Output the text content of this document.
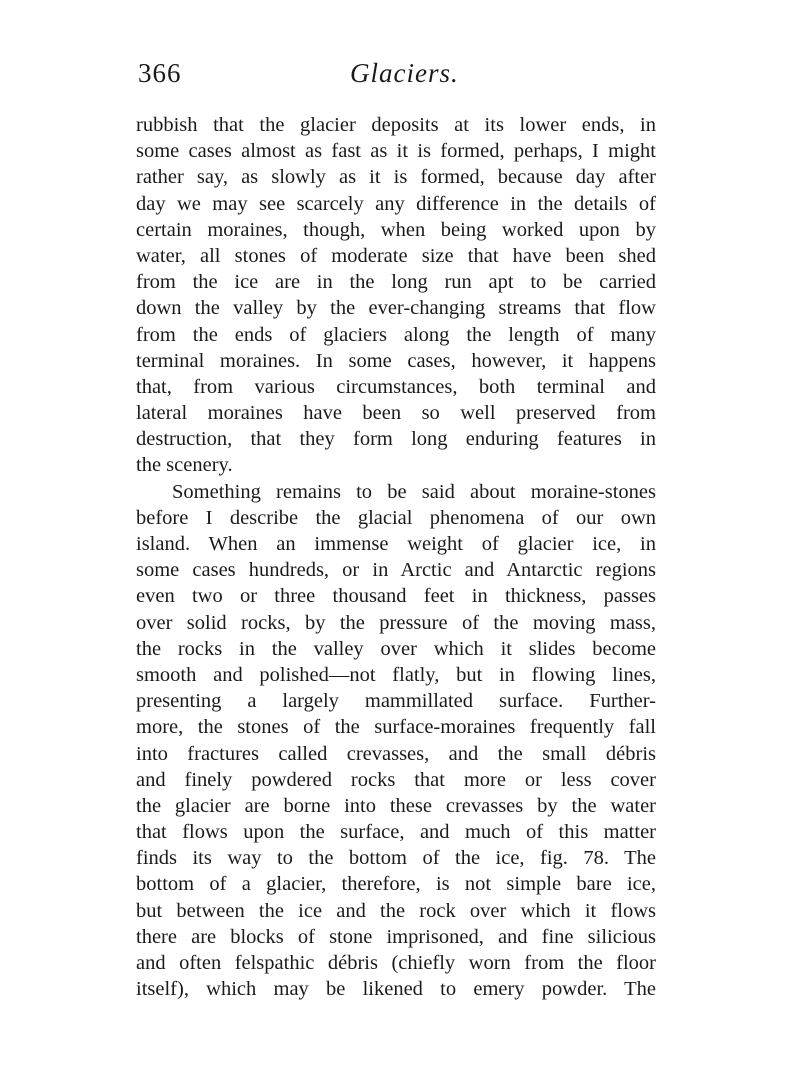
366	Glaciers.
rubbish that the glacier deposits at its lower ends, in
some cases almost as fast as it is formed, perhaps, I might
rather say, as slowly as it is formed, because day after
day we may see scarcely any difference in the details of
certain moraines, though, when being worked upon by
water, all stones of moderate size that have been shed
from the ice are in the long run apt to be carried
down the valley by the ever-changing streams that flow
from the ends of glaciers along the length of many
terminal moraines. In some cases, however, it happens
that, from various circumstances, both terminal and
lateral moraines have been so well preserved from
destruction, that they form long enduring features in
the scenery.
Something remains to be said about moraine-stones
before I describe the glacial phenomena of our own
island. When an immense weight of glacier ice, in
some cases hundreds, or in Arctic and Antarctic regions
even two or three thousand feet in thickness, passes
over solid rocks, by the pressure of the moving mass,
the rocks in the valley over which it slides become
smooth and polished—not flatly, but in flowing lines,
presenting a largely mammillated surface. Further-
more, the stones of the surface-moraines frequently fall
into fractures called crevasses, and the small débris
and finely powdered rocks that more or less cover
the glacier are borne into these crevasses by the water
that flows upon the surface, and much of this matter
finds its way to the bottom of the ice, fig. 78. The
bottom of a glacier, therefore, is not simple bare ice,
but between the ice and the rock over which it flows
there are blocks of stone imprisoned, and fine silicious
and often felspathic débris (chiefly worn from the floor
itself), which may be likened to emery powder. The
